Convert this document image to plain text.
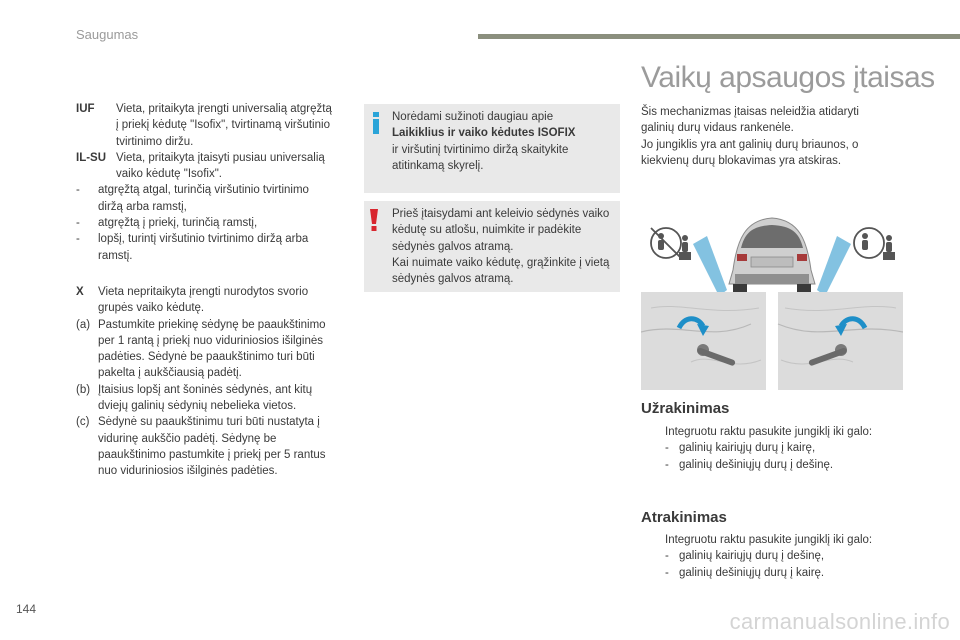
Saugumas
Vaikų apsaugos įtaisas
IUF	Vieta, pritaikyta įrengti universalią atgręžtą į priekį kėdutę "Isofix", tvirtinamą viršutinio tvirtinimo diržu.
IL-SU Vieta, pritaikyta įtaisyti pusiau universalią vaiko kėdutę "Isofix".
-	atgręžtą atgal, turinčią viršutinio tvirtinimo diržą arba ramstį,
-	atgręžtą į priekį, turinčią ramstį,
-	lopšį, turintį viršutinio tvirtinimo diržą arba ramstį.
X	Vieta nepritaikyta įrengti nurodytos svorio grupės vaiko kėdutę.
(a) Pastumkite priekinę sėdynę be paaukštinimo per 1 rantą į priekį nuo viduriniosios išilginės padėties. Sėdynė be paaukštinimo turi būti pakelta į aukščiausią padėtį.
(b) Įtaisius lopšį ant šoninės sėdynės, ant kitų dviejų galinių sėdynių nebelieka vietos.
(c) Sėdynė su paaukštinimu turi būti nustatyta į vidurinę aukščio padėtį. Sėdynę be paaukštinimo pastumkite į priekį per 5 rantus nuo viduriniosios išilginės padėties.
Norėdami sužinoti daugiau apie
Laikiklius ir vaiko kėdutes ISOFIX
ir viršutinį tvirtinimo diržą skaitykite atitinkamą skyrelį.
Prieš įtaisydami ant keleivio sėdynės vaiko kėdutę su atlošu, nuimkite ir padėkite sėdynės galvos atramą.
Kai nuimate vaiko kėdutę, grąžinkite į vietą sėdynės galvos atramą.
Šis mechanizmas įtaisas neleidžia atidaryti galinių durų vidaus rankenėle.
Jo jungiklis yra ant galinių durų briaunos, o kiekvienų durų blokavimas yra atskiras.
Užrakinimas
Integruotu raktu pasukite jungiklį iki galo:
- galinių kairiųjų durų į kairę,
- galinių dešiniųjų durų į dešinę.
Atrakinimas
Integruotu raktu pasukite jungiklį iki galo:
- galinių kairiųjų durų į dešinę,
- galinių dešiniųjų durų į kairę.
144	carmanualsonline.info
